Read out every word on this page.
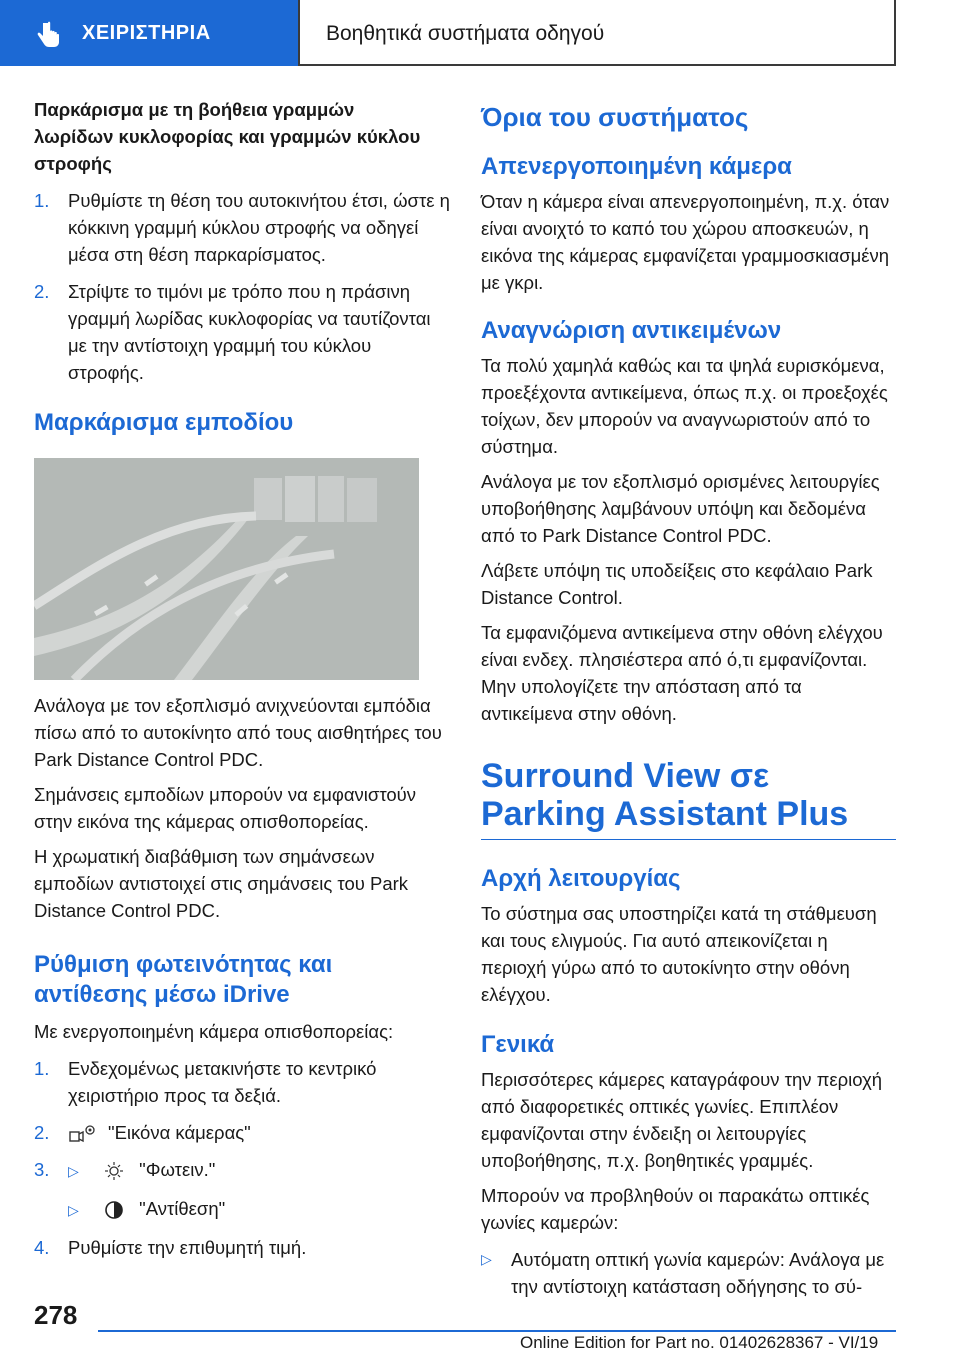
ΧΕΙΡΙΣΤΗΡΙΑ	Βοηθητικά συστήματα οδηγού
Παρκάρισμα με τη βοήθεια γραμμών λωρίδων κυκλοφορίας και γραμμών κύκλου στροφής
1.	Ρυθμίστε τη θέση του αυτοκινήτου έτσι, ώστε η κόκκινη γραμμή κύκλου στροφής να οδηγεί μέσα στη θέση παρκαρίσματος.
2.	Στρίψτε το τιμόνι με τρόπο που η πράσινη γραμμή λωρίδας κυκλοφορίας να ταυτίζονται με την αντίστοιχη γραμμή του κύκλου στροφής.
Μαρκάρισμα εμποδίου

Ανάλογα με τον εξοπλισμό ανιχνεύονται εμπόδια πίσω από το αυτοκίνητο από τους αισθητήρες του Park Distance Control PDC.

Σημάνσεις εμποδίων μπορούν να εμφανιστούν στην εικόνα της κάμερας οπισθοπορείας.

Η χρωματική διαβάθμιση των σημάνσεων εμποδίων αντιστοιχεί στις σημάνσεις του Park Distance Control PDC.

Ρύθμιση φωτεινότητας και αντίθεσης μέσω iDrive

Με ενεργοποιημένη κάμερα οπισθοπορείας:

1.	Ενδεχομένως μετακινήστε το κεντρικό χειριστήριο προς τα δεξιά.
2.	"Εικόνα κάμερας"
3.	▷	"Φωτειν."
▷	"Αντίθεση"
4.	Ρυθμίστε την επιθυμητή τιμή.
Όρια του συστήματος
Απενεργοποιημένη κάμερα

Όταν η κάμερα είναι απενεργοποιημένη, π.χ. όταν είναι ανοιχτό το καπό του χώρου αποσκευών, η εικόνα της κάμερας εμφανίζεται γραμμοσκιασμένη με γκρι.

Αναγνώριση αντικειμένων

Τα πολύ χαμηλά καθώς και τα ψηλά ευρισκόμενα, προεξέχοντα αντικείμενα, όπως π.χ. οι προεξοχές τοίχων, δεν μπορούν να αναγνωριστούν από το σύστημα.

Ανάλογα με τον εξοπλισμό ορισμένες λειτουργίες υποβοήθησης λαμβάνουν υπόψη και δεδομένα από το Park Distance Control PDC.

Λάβετε υπόψη τις υποδείξεις στο κεφάλαιο Park Distance Control.

Τα εμφανιζόμενα αντικείμενα στην οθόνη ελέγχου είναι ενδεχ. πλησιέστερα από ό,τι εμφανίζονται. Μην υπολογίζετε την απόσταση από τα αντικείμενα στην οθόνη.

Surround View σε Parking Assistant Plus
Αρχή λειτουργίας

Το σύστημα σας υποστηρίζει κατά τη στάθμευση και τους ελιγμούς. Για αυτό απεικονίζεται η περιοχή γύρω από το αυτοκίνητο στην οθόνη ελέγχου.

Γενικά

Περισσότερες κάμερες καταγράφουν την περιοχή από διαφορετικές οπτικές γωνίες. Επιπλέον εμφανίζονται στην ένδειξη οι λειτουργίες υποβοήθησης, π.χ. βοηθητικές γραμμές.

Μπορούν να προβληθούν οι παρακάτω οπτικές γωνίες καμερών:

▷	Αυτόματη οπτική γωνία καμερών: Ανάλογα με την αντίστοιχη κατάσταση οδήγησης το σύ-
278
Online Edition for Part no. 01402628367 - VI/19
